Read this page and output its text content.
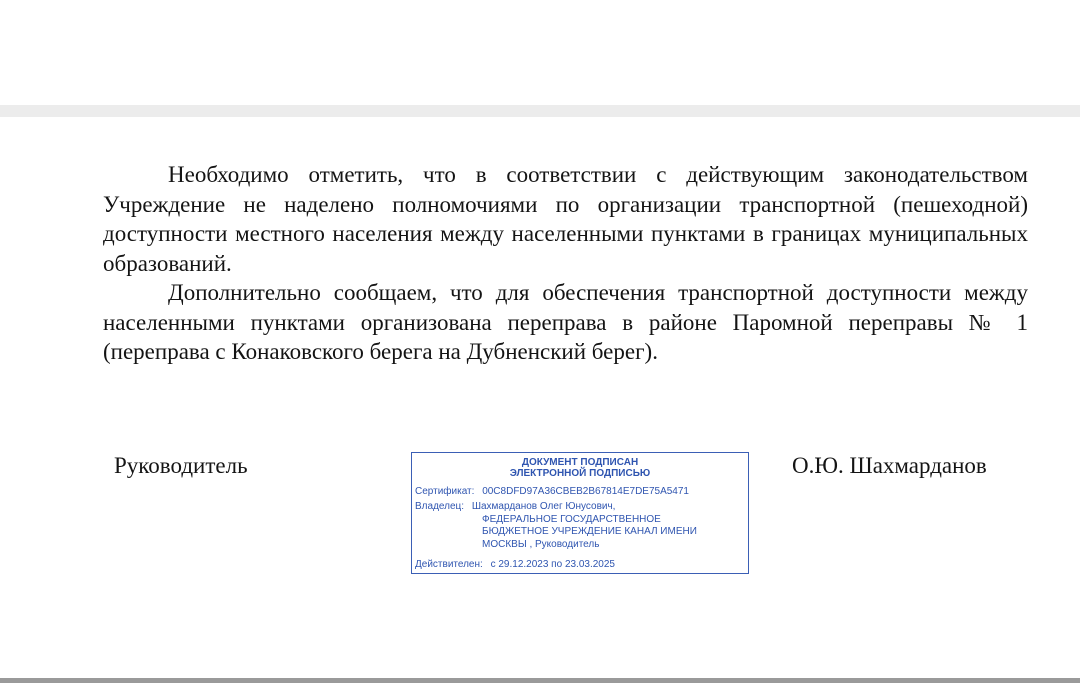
Необходимо отметить, что в соответствии с действующим законодательством Учреждение не наделено полномочиями по организации транспортной (пешеходной) доступности местного населения между населенными пунктами в границах муниципальных образований.

Дополнительно сообщаем, что для обеспечения транспортной доступности между населенными пунктами организована переправа в районе Паромной переправы № 1 (переправа с Конаковского берега на Дубненский берег).

Руководитель	ДОКУМЕНТ ПОДПИСАН
ЭЛЕКТРОННОЙ ПОДПИСЬЮ
Сертификат: 00C8DFD97A36CBEB2B67814E7DE75A5471
Владелец: Шахмарданов Олег Юнусович,
ФЕДЕРАЛЬНОЕ ГОСУДАРСТВЕННОЕ
БЮДЖЕТНОЕ УЧРЕЖДЕНИЕ КАНАЛ ИМЕНИ
МОСКВЫ , Руководитель
Действителен: с 29.12.2023 по 23.03.2025
О.Ю. Шахмарданов
